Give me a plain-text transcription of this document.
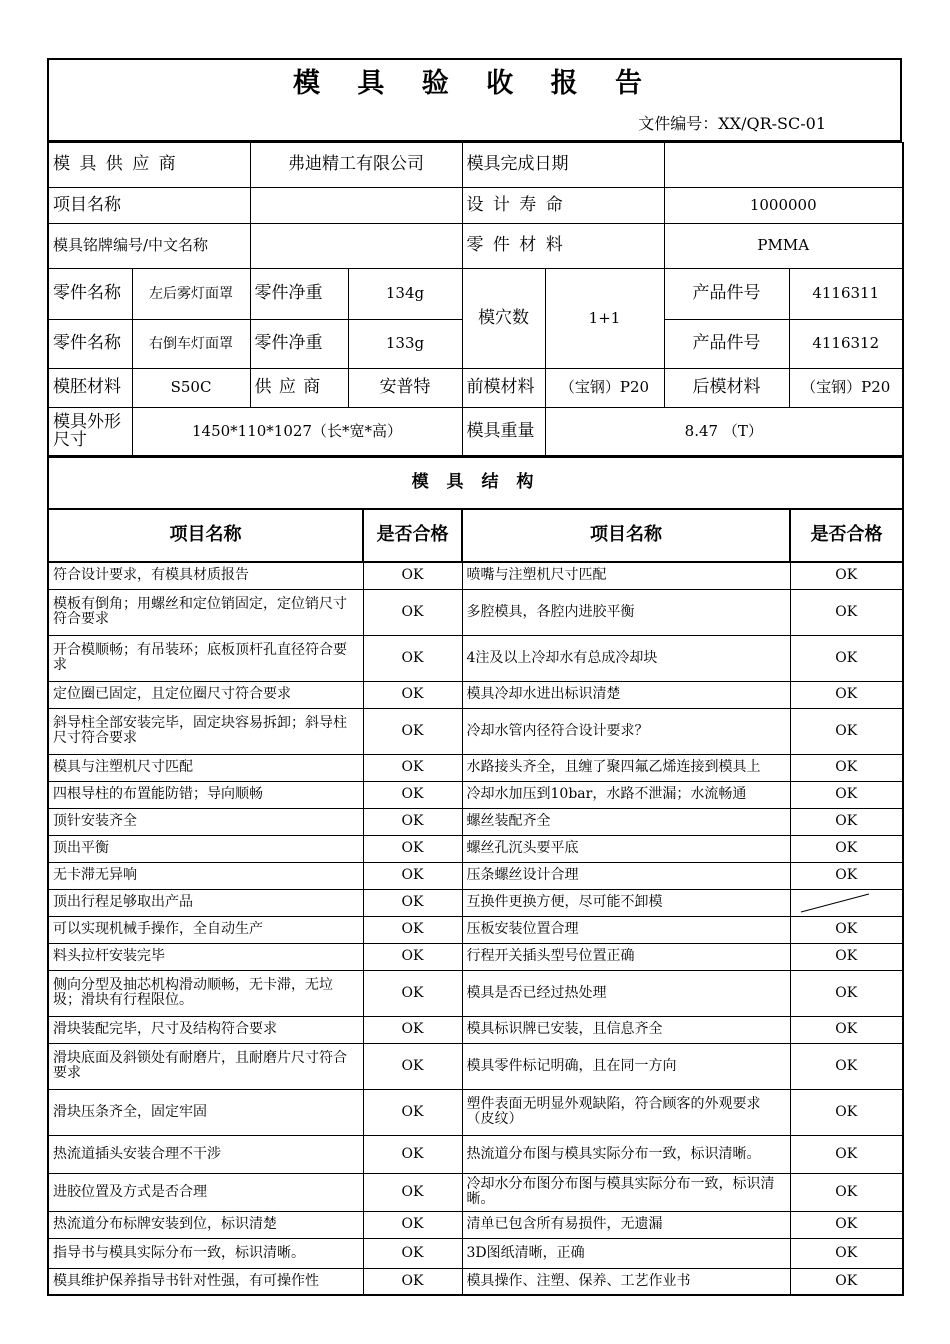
模 具 验 收 报 告
文件编号：XX/QR-SC-01
模 具 供 应 商		弗迪精工有限公司		模具完成日期			
项目名称				设 计 寿 命		1000000	
模具铭牌编号/中文名称				零 件 材 料		PMMA	
零件名称	左后雾灯面罩	零件净重	134g	模穴数	1+1	产品件号	4116311
零件名称	右倒车灯面罩	零件净重	133g			产品件号	4116312
模胚材料	S50C	供 应 商	安普特	前模材料	（宝钢）P20	后模材料	（宝钢）P20
模具外形尺寸	1450*110*1027（长*宽*高）			模具重量	8.47 （T）		
模 具 结 构			
项目名称	是否合格	项目名称	是否合格
符合设计要求，有模具材质报告	OK	喷嘴与注塑机尺寸匹配	OK
模板有倒角；用螺丝和定位销固定，定位销尺寸符合要求	OK	多腔模具，各腔内进胶平衡	OK
开合模顺畅；有吊装环；底板顶杆孔直径符合要求	OK	4注及以上冷却水有总成冷却块	OK
定位圈已固定，且定位圈尺寸符合要求	OK	模具冷却水进出标识清楚	OK
斜导柱全部安装完毕，固定块容易拆卸；斜导柱尺寸符合要求	OK	冷却水管内径符合设计要求？	OK
模具与注塑机尺寸匹配	OK	水路接头齐全，且缠了聚四氟乙烯连接到模具上	OK
四根导柱的布置能防错；导向顺畅	OK	冷却水加压到10bar，水路不泄漏；水流畅通	OK
顶针安装齐全	OK	螺丝装配齐全	OK
顶出平衡	OK	螺丝孔沉头要平底	OK
无卡滞无异响	OK	压条螺丝设计合理	OK
顶出行程足够取出产品	OK	互换件更换方便，尽可能不卸模	

可以实现机械手操作，全自动生产	OK	压板安装位置合理	OK
料头拉杆安装完毕	OK	行程开关插头型号位置正确	OK
侧向分型及抽芯机构滑动顺畅，无卡滞，无垃圾；滑块有行程限位。	OK	模具是否已经过热处理	OK
滑块装配完毕，尺寸及结构符合要求	OK	模具标识牌已安装，且信息齐全	OK
滑块底面及斜锁处有耐磨片，且耐磨片尺寸符合要求	OK	模具零件标记明确，且在同一方向	OK
滑块压条齐全，固定牢固	OK	塑件表面无明显外观缺陷，符合顾客的外观要求（皮纹）	OK
热流道插头安装合理不干涉	OK	热流道分布图与模具实际分布一致，标识清晰。	OK
进胶位置及方式是否合理	OK	冷却水分布图分布图与模具实际分布一致，标识清晰。	OK
热流道分布标牌安装到位，标识清楚	OK	清单已包含所有易损件，无遗漏	OK
指导书与模具实际分布一致，标识清晰。	OK	3D图纸清晰，正确	OK
模具维护保养指导书针对性强，有可操作性	OK	模具操作、注塑、保养、工艺作业书	OK
